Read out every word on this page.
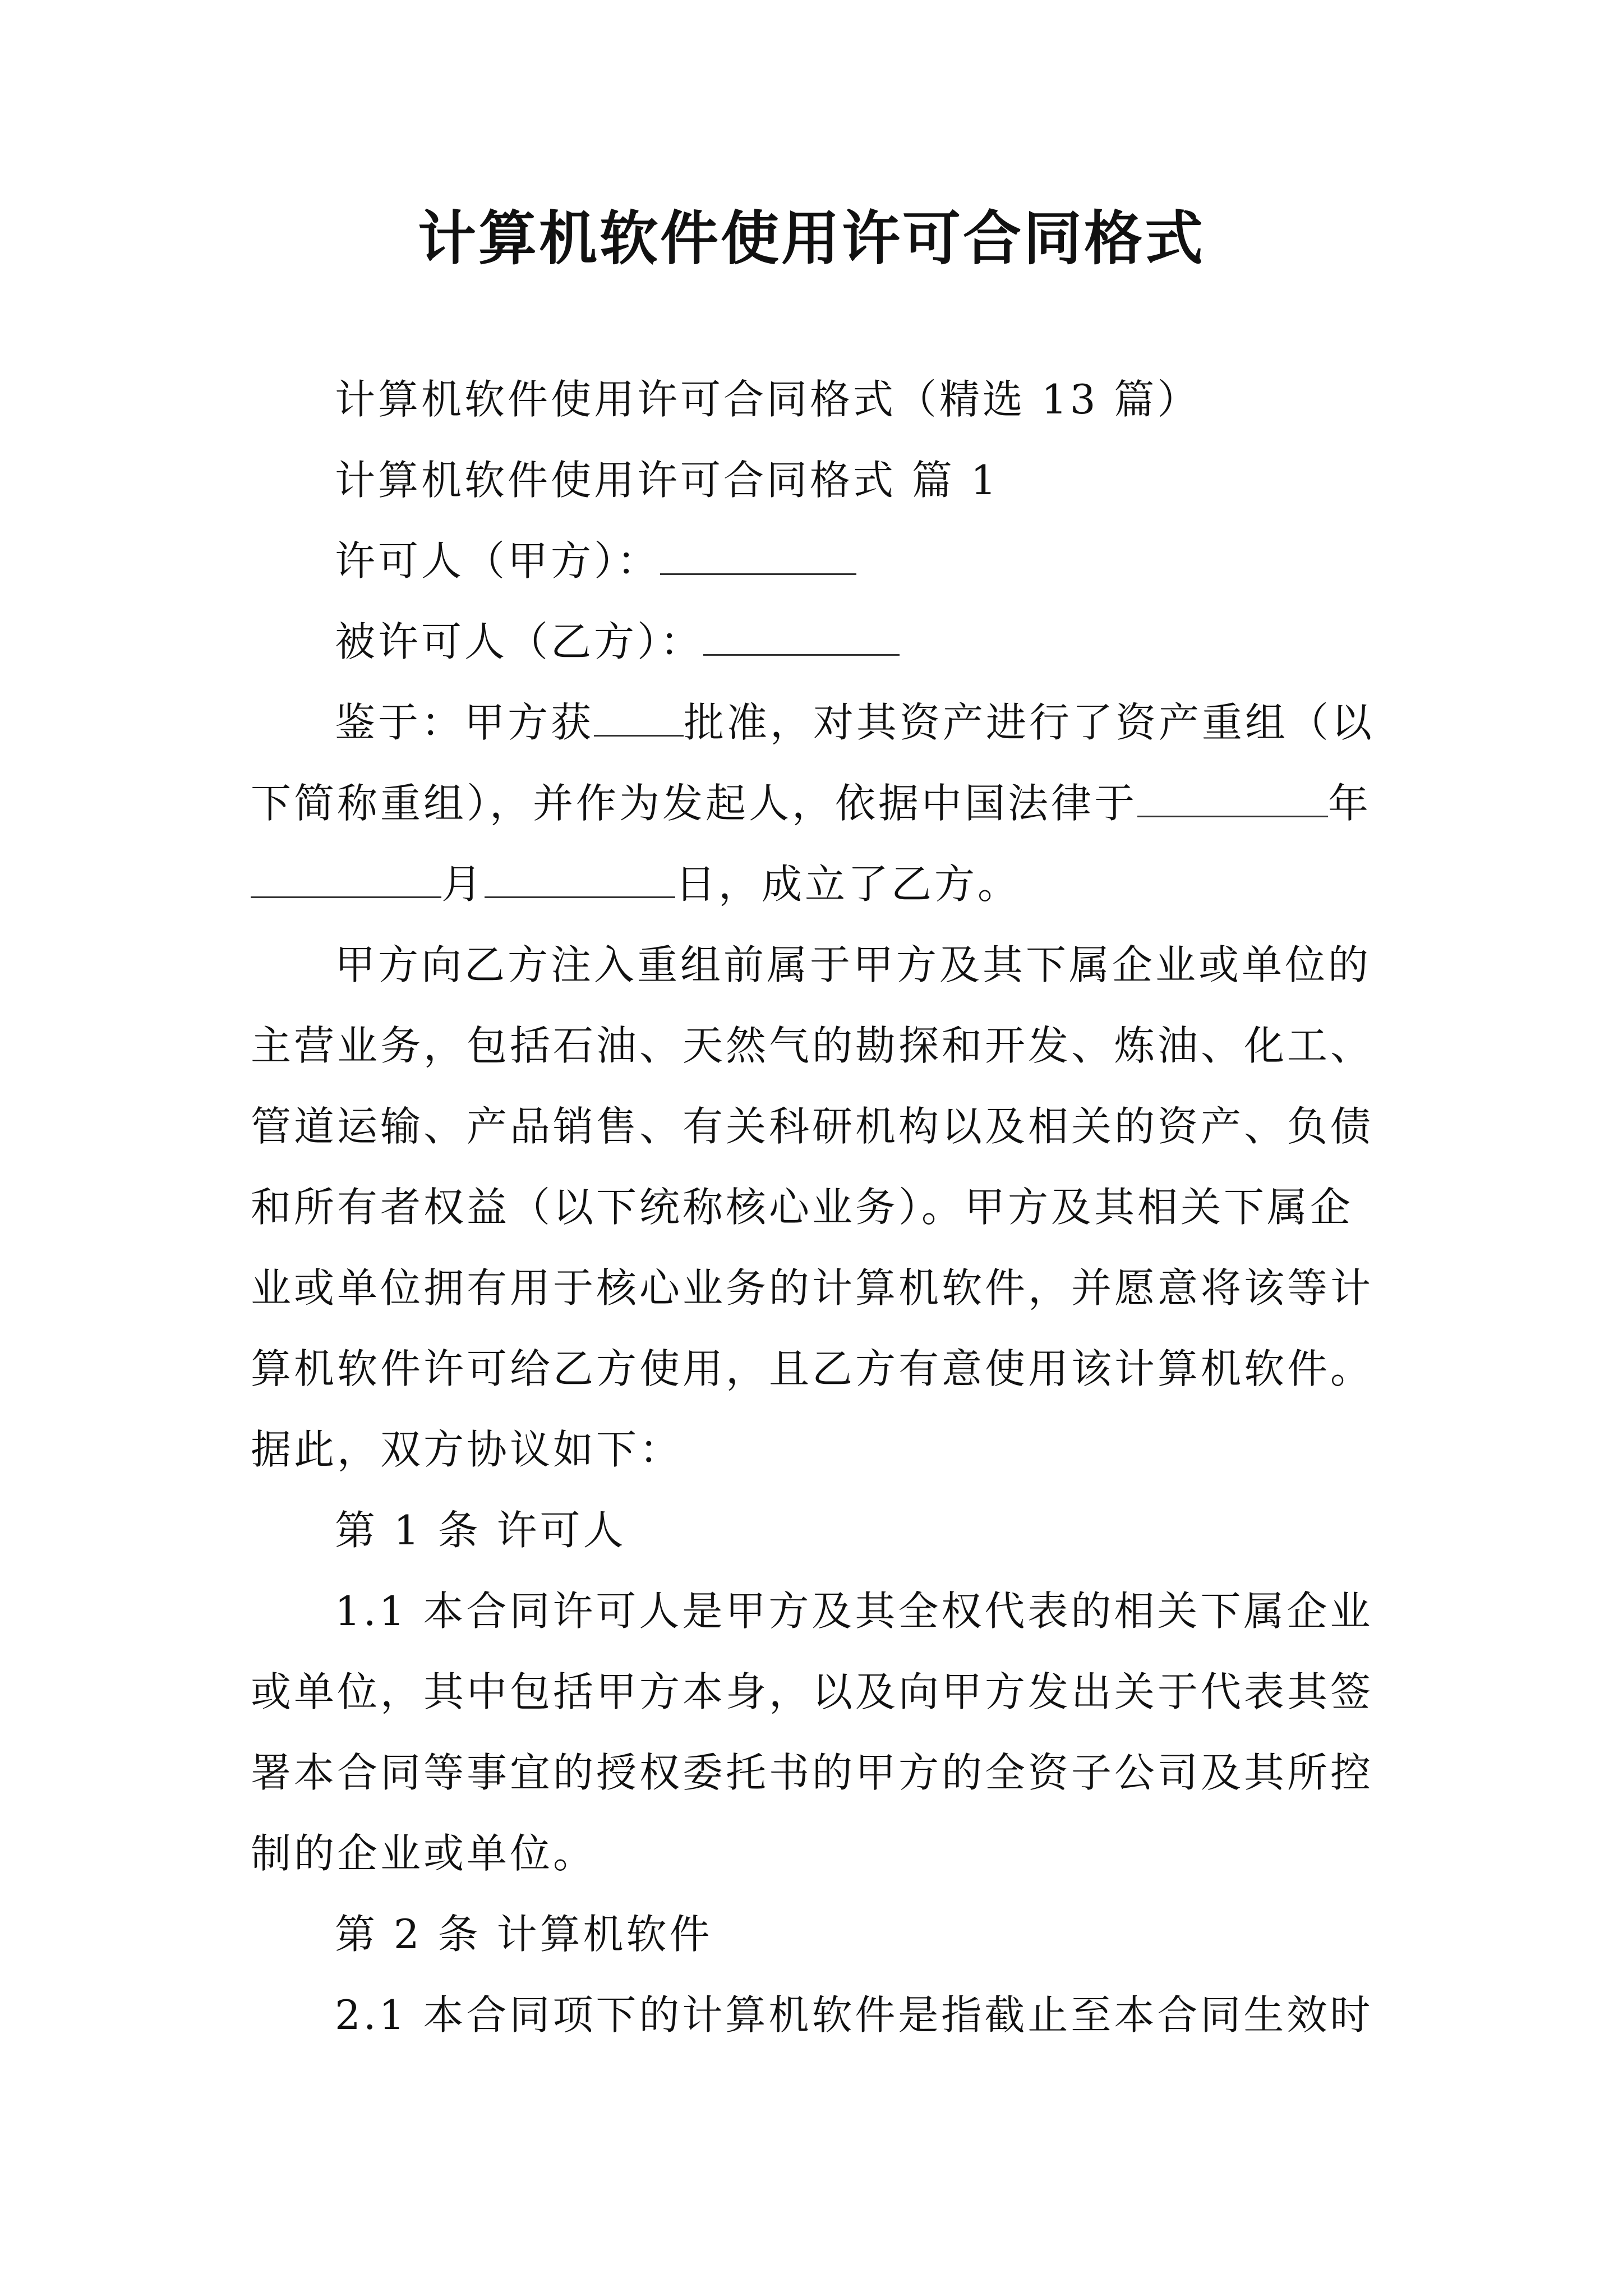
计算机软件使用许可合同格式

计算机软件使用许可合同格式（精选 13 篇）

计算机软件使用许可合同格式 篇 1

许可人（甲方）：

被许可人（乙方）：

鉴于：甲方获 批准，对其资产进行了资产重组（以下简称重组），并作为发起人，依据中国法律于	年月	日，成立了乙方。

甲方向乙方注入重组前属于甲方及其下属企业或单位的主营业务，包括石油、天然气的勘探和开发、炼油、化工、管道运输、产品销售、有关科研机构以及相关的资产、负债和所有者权益（以下统称核心业务）。甲方及其相关下属企业或单位拥有用于核心业务的计算机软件，并愿意将该等计算机软件许可给乙方使用，且乙方有意使用该计算机软件。

据此，双方协议如下：

第 1 条 许可人

1.1 本合同许可人是甲方及其全权代表的相关下属企业或单位，其中包括甲方本身，以及向甲方发出关于代表其签署本合同等事宜的授权委托书的甲方的全资子公司及其所控制的企业或单位。

第 2 条 计算机软件

2.1 本合同项下的计算机软件是指截止至本合同生效时
